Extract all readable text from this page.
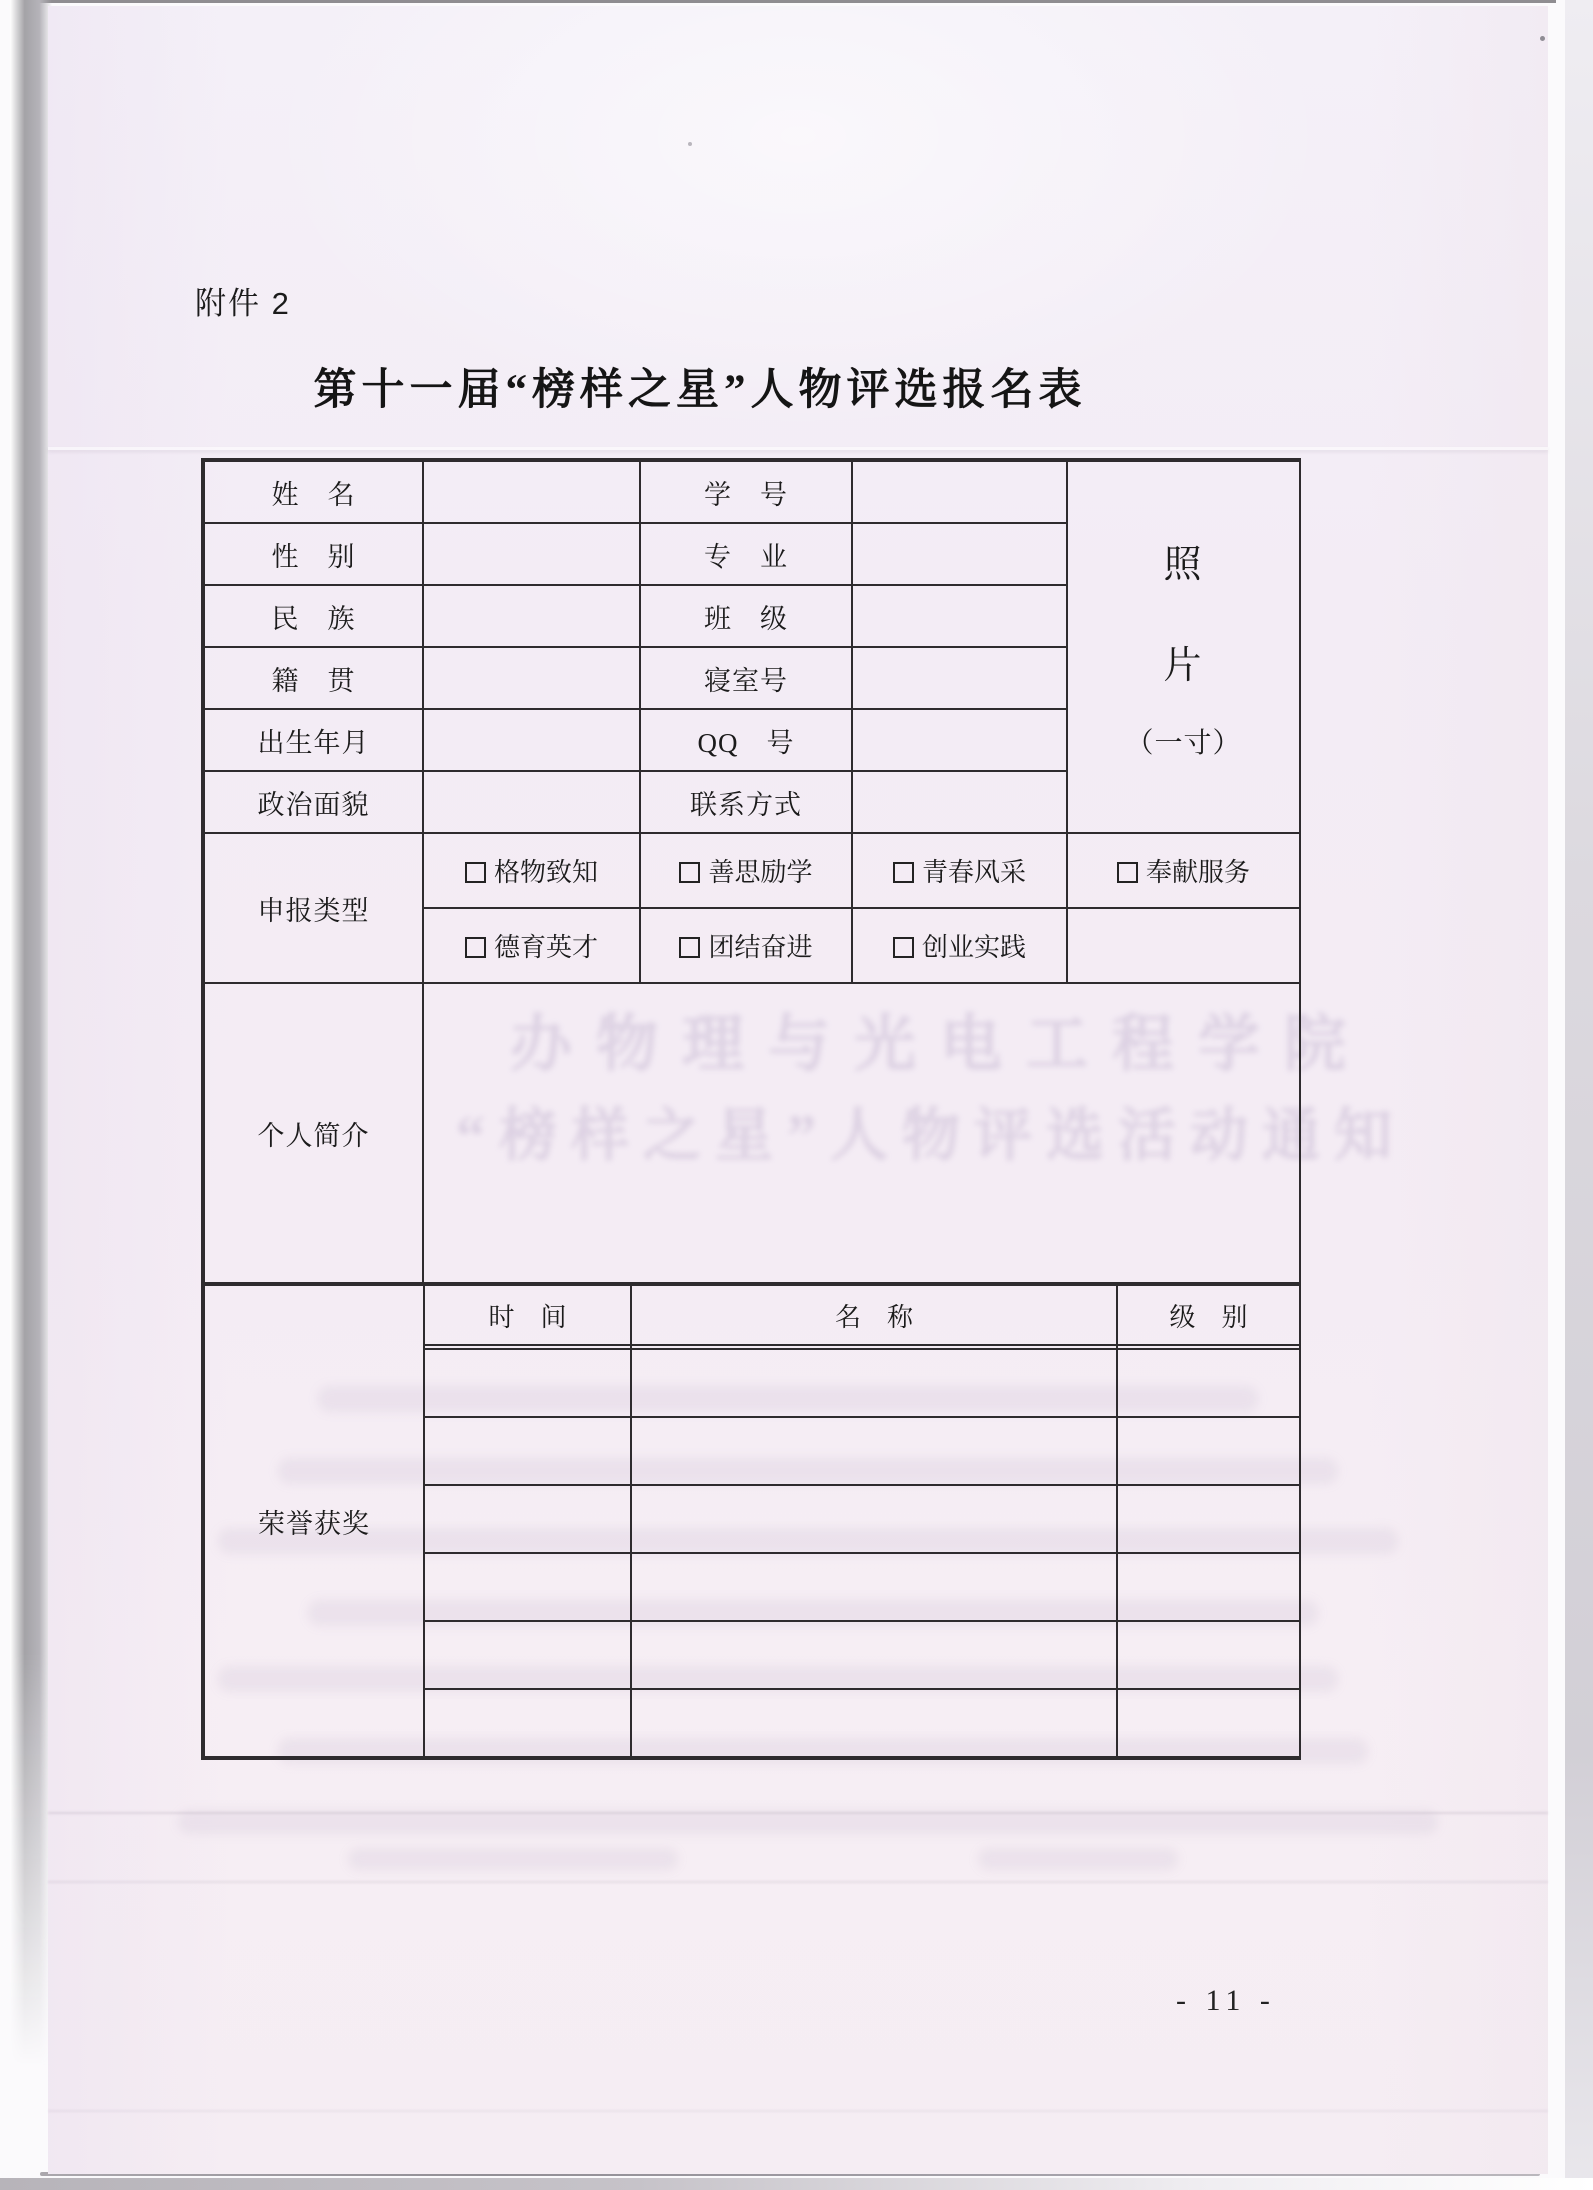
办物理与光电工程学院
“榜样之星”人物评选活动通知
附件 2
第十一届“榜样之星”人物评选报名表
姓　名		学　号		照
片
（一寸）

性　别		专　业		
民　族		班　级		
籍　贯		寝室号		
出生年月		QQ　号		
政治面貌		联系方式		
申报类型	格物致知	善思励学	青春风采	奉献服务
	德育英才	团结奋进	创业实践	
个人简介				
荣誉获奖	时　间	名　称	级　别

- 11 -
